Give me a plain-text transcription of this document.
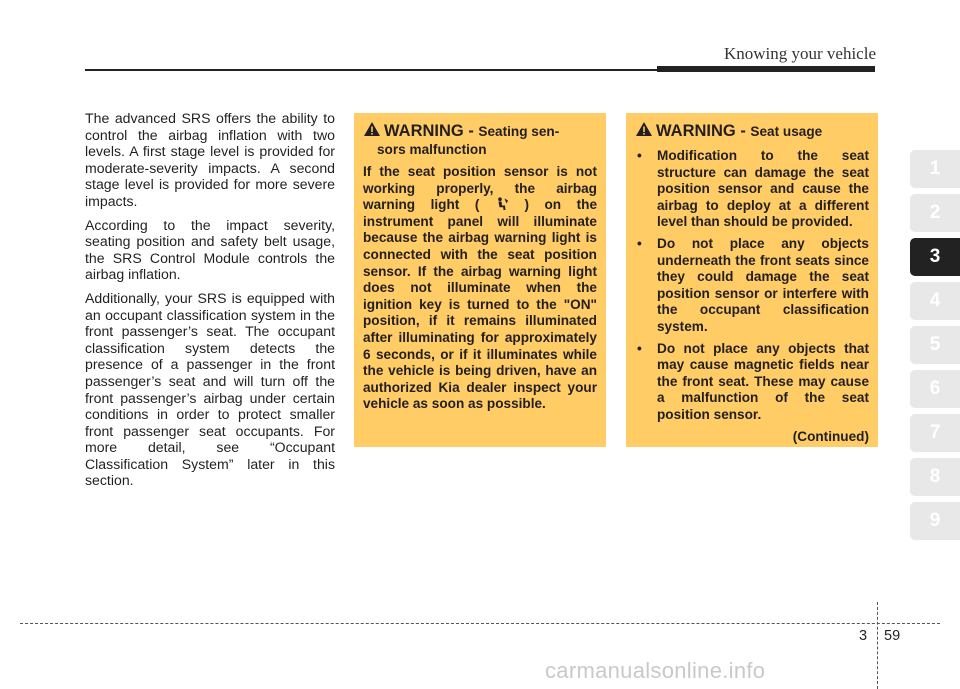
Knowing your vehicle

The advanced SRS offers the ability to control the airbag inflation with two levels. A first stage level is provided for moderate-severity impacts. A second stage level is provided for more severe impacts.

According to the impact severity, seating position and safety belt usage, the SRS Control Module controls the airbag inflation.

Additionally, your SRS is equipped with an occupant classification system in the front passenger’s seat. The occupant classification system detects the presence of a passenger in the front passenger’s seat and will turn off the front passenger’s airbag under certain conditions in order to protect smaller front passenger seat occupants. For more detail, see “Occupant Classification System” later in this section.

WARNING - Seating sen-
sors malfunction
If the seat position sensor is not working properly, the airbag warning light (	) on the instrument panel will illuminate because the airbag warning light is connected with the seat position sensor. If the airbag warning light does not illuminate when the ignition key is turned to the "ON" position, if it remains illuminated after illuminating for approximately 6 seconds, or if it illuminates while the vehicle is being driven, have an authorized Kia dealer inspect your vehicle as soon as possible.
WARNING - Seat usage
• Modification to the seat structure can damage the seat position sensor and cause the airbag to deploy at a different level than should be provided.
• Do not place any objects underneath the front seats since they could damage the seat position sensor or interfere with the occupant classification system.
• Do not place any objects that may cause magnetic fields near the front seat. These may cause a malfunction of the seat position sensor.
(Continued)
1
2
3
4
5
6
7
8
9
3 59
carmanualsonline.info
